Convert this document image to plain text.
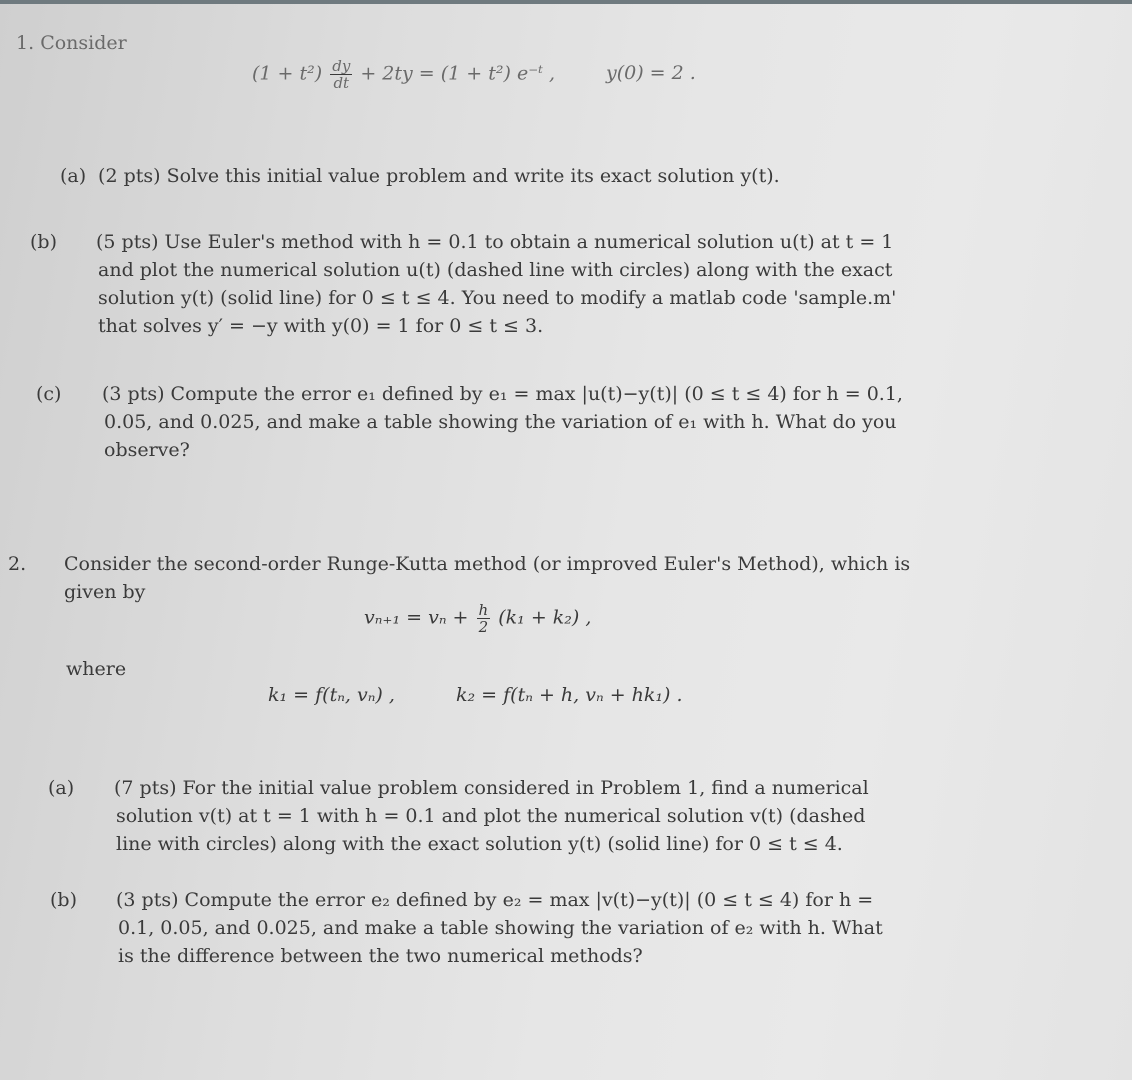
1. Consider
$(1 + t^2) \frac{dy}{dt} + 2ty = (1 + t^2)$ e⁻ᵗ ,	y(0) = 2 .
(a) (2 pts) Solve this initial value problem and write its exact solution y(t).
(b) (5 pts) Use Euler's method with h = 0.1 to obtain a numerical solution u(t) at t = 1 and plot the numerical solution u(t) (dashed line with circles) along with the exact solution y(t) (solid line) for 0 ≤ t ≤ 4. You need to modify a matlab code 'sample.m' that solves y′ = −y with y(0) = 1 for 0 ≤ t ≤ 3.
(c) (3 pts) Compute the error e₁ defined by e₁ = max |u(t)−y(t)| (0 ≤ t ≤ 4) for h = 0.1, 0.05, and 0.025, and make a table showing the variation of e₁ with h. What do you observe?
2. Consider the second-order Runge-Kutta method (or improved Euler's Method), which is given by
$v_{n+1} = v_n + \frac{h}{2} (k_1 + k_2)$ ,
where
k₁ = f(tₙ, vₙ) ,	k₂ = f(tₙ + h, vₙ + hk₁) .
(a) (7 pts) For the initial value problem considered in Problem 1, find a numerical solution v(t) at t = 1 with h = 0.1 and plot the numerical solution v(t) (dashed line with circles) along with the exact solution y(t) (solid line) for 0 ≤ t ≤ 4.
(b) (3 pts) Compute the error e₂ defined by e₂ = max |v(t)−y(t)| (0 ≤ t ≤ 4) for h = 0.1, 0.05, and 0.025, and make a table showing the variation of e₂ with h. What is the difference between the two numerical methods?
